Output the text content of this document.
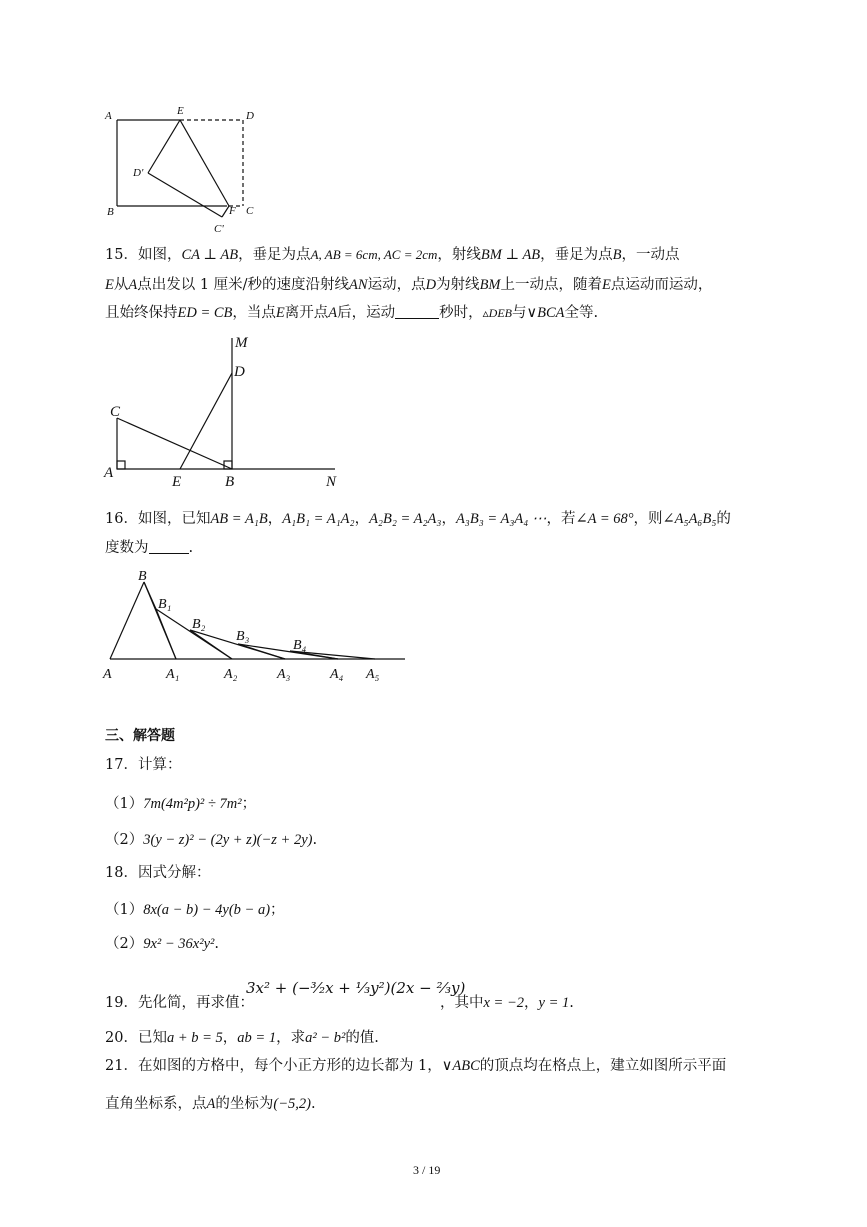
A	E	D
D'
B	F C
C'
15．如图，CA ⊥ AB，垂足为点A, AB = 6cm, AC = 2cm，射线BM ⊥ AB，垂足为点B，一动点
E从A点出发以 1 厘米/秒的速度沿射线AN运动，点D为射线BM上一动点，随着E点运动而运动，
且始终保持ED = CB，当点E离开点A后，运动	秒时，▵DEB与∨BCA全等.
M
D
C
A
E	B	N
16．如图，已知AB = A₁B，A₁B₁ = A₁A₂，A₂B₂ = A₂A₃，A₃B₃ = A₃A₄ ⋯，若∠A = 68°，则∠A₅A₆B₅的
度数为	.
B
B₁
B₂
B₃
B₄
A	A₁	A₂	A₃	A₄ A₅
三、解答题
17．计算：
（1）7m(4m²p)² ÷ 7m²；
（2）3(y − z)² − (2y + z)(−z + 2y).
18．因式分解：
（1）8x(a − b) − 4y(b − a)；
（2）9x² − 36x²y².
19．先化简，再求值：
3x² + (−³⁄₂x + ¹⁄₃y²)(2x − ²⁄₃y)
，其中x = −2，y = 1.
20．已知a + b = 5，ab = 1，求a² − b²的值.
21．在如图的方格中，每个小正方形的边长都为 1，∨ABC的顶点均在格点上，建立如图所示平面
直角坐标系，点A的坐标为(−5,2).
3 / 19
